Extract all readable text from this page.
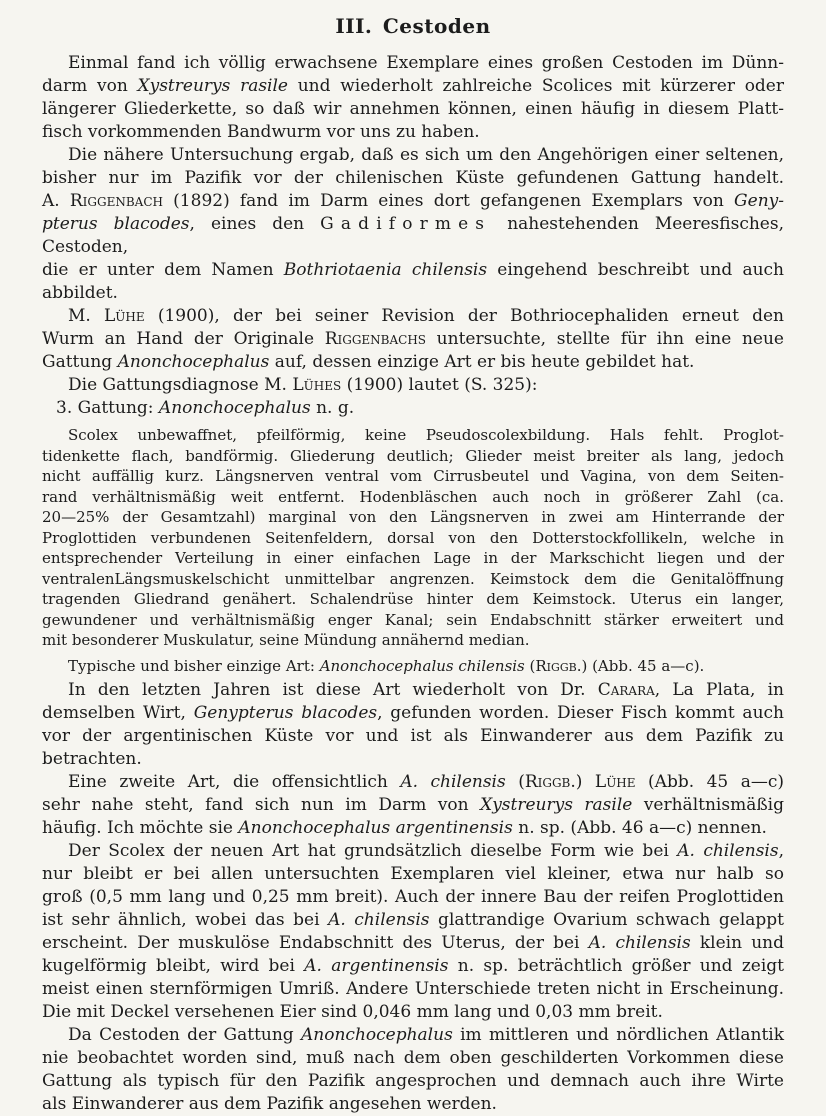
III. Cestoden
Einmal fand ich völlig erwachsene Exemplare eines großen Cestoden im Dünn-
darm von Xystreurys rasile und wiederholt zahlreiche Scolices mit kürzerer oder
längerer Gliederkette, so daß wir annehmen können, einen häufig in diesem Platt-
fisch vorkommenden Bandwurm vor uns zu haben.
Die nähere Untersuchung ergab, daß es sich um den Angehörigen einer seltenen,
bisher nur im Pazifik vor der chilenischen Küste gefundenen Gattung handelt.
A. Riggenbach (1892) fand im Darm eines dort gefangenen Exemplars von Geny-
pterus blacodes, eines den Gadiformes nahestehenden Meeresfisches, Cestoden,
die er unter dem Namen Bothriotaenia chilensis eingehend beschreibt und auch
abbildet.
M. Lühe (1900), der bei seiner Revision der Bothriocephaliden erneut den
Wurm an Hand der Originale Riggenbachs untersuchte, stellte für ihn eine neue
Gattung Anonchocephalus auf, dessen einzige Art er bis heute gebildet hat.
Die Gattungsdiagnose M. Lühes (1900) lautet (S. 325):
3. Gattung: Anonchocephalus n. g.
Scolex unbewaffnet, pfeilförmig, keine Pseudoscolexbildung. Hals fehlt. Proglot-
tidenkette flach, bandförmig. Gliederung deutlich; Glieder meist breiter als lang, jedoch
nicht auffällig kurz. Längsnerven ventral vom Cirrusbeutel und Vagina, von dem Seiten-
rand verhältnismäßig weit entfernt. Hodenbläschen auch noch in größerer Zahl (ca.
20—25% der Gesamtzahl) marginal von den Längsnerven in zwei am Hinterrande der
Proglottiden verbundenen Seitenfeldern, dorsal von den Dotterstockfollikeln, welche in
entsprechender Verteilung in einer einfachen Lage in der Markschicht liegen und der
ventralenLängsmuskelschicht unmittelbar angrenzen. Keimstock dem die Genitalöffnung
tragenden Gliedrand genähert. Schalendrüse hinter dem Keimstock. Uterus ein langer,
gewundener und verhältnismäßig enger Kanal; sein Endabschnitt stärker erweitert und
mit besonderer Muskulatur, seine Mündung annähernd median.
Typische und bisher einzige Art: Anonchocephalus chilensis (Riggb.) (Abb. 45 a—c).
In den letzten Jahren ist diese Art wiederholt von Dr. Carara, La Plata, in
demselben Wirt, Genypterus blacodes, gefunden worden. Dieser Fisch kommt auch
vor der argentinischen Küste vor und ist als Einwanderer aus dem Pazifik zu
betrachten.
Eine zweite Art, die offensichtlich A. chilensis (Riggb.) Lühe (Abb. 45 a—c)
sehr nahe steht, fand sich nun im Darm von Xystreurys rasile verhältnismäßig
häufig. Ich möchte sie Anonchocephalus argentinensis n. sp. (Abb. 46 a—c) nennen.
Der Scolex der neuen Art hat grundsätzlich dieselbe Form wie bei A. chilensis,
nur bleibt er bei allen untersuchten Exemplaren viel kleiner, etwa nur halb so
groß (0,5 mm lang und 0,25 mm breit). Auch der innere Bau der reifen Proglottiden
ist sehr ähnlich, wobei das bei A. chilensis glattrandige Ovarium schwach gelappt
erscheint. Der muskulöse Endabschnitt des Uterus, der bei A. chilensis klein und
kugelförmig bleibt, wird bei A. argentinensis n. sp. beträchtlich größer und zeigt
meist einen sternförmigen Umriß. Andere Unterschiede treten nicht in Erscheinung.
Die mit Deckel versehenen Eier sind 0,046 mm lang und 0,03 mm breit.
Da Cestoden der Gattung Anonchocephalus im mittleren und nördlichen Atlantik
nie beobachtet worden sind, muß nach dem oben geschilderten Vorkommen diese
Gattung als typisch für den Pazifik angesprochen und demnach auch ihre Wirte
als Einwanderer aus dem Pazifik angesehen werden.
